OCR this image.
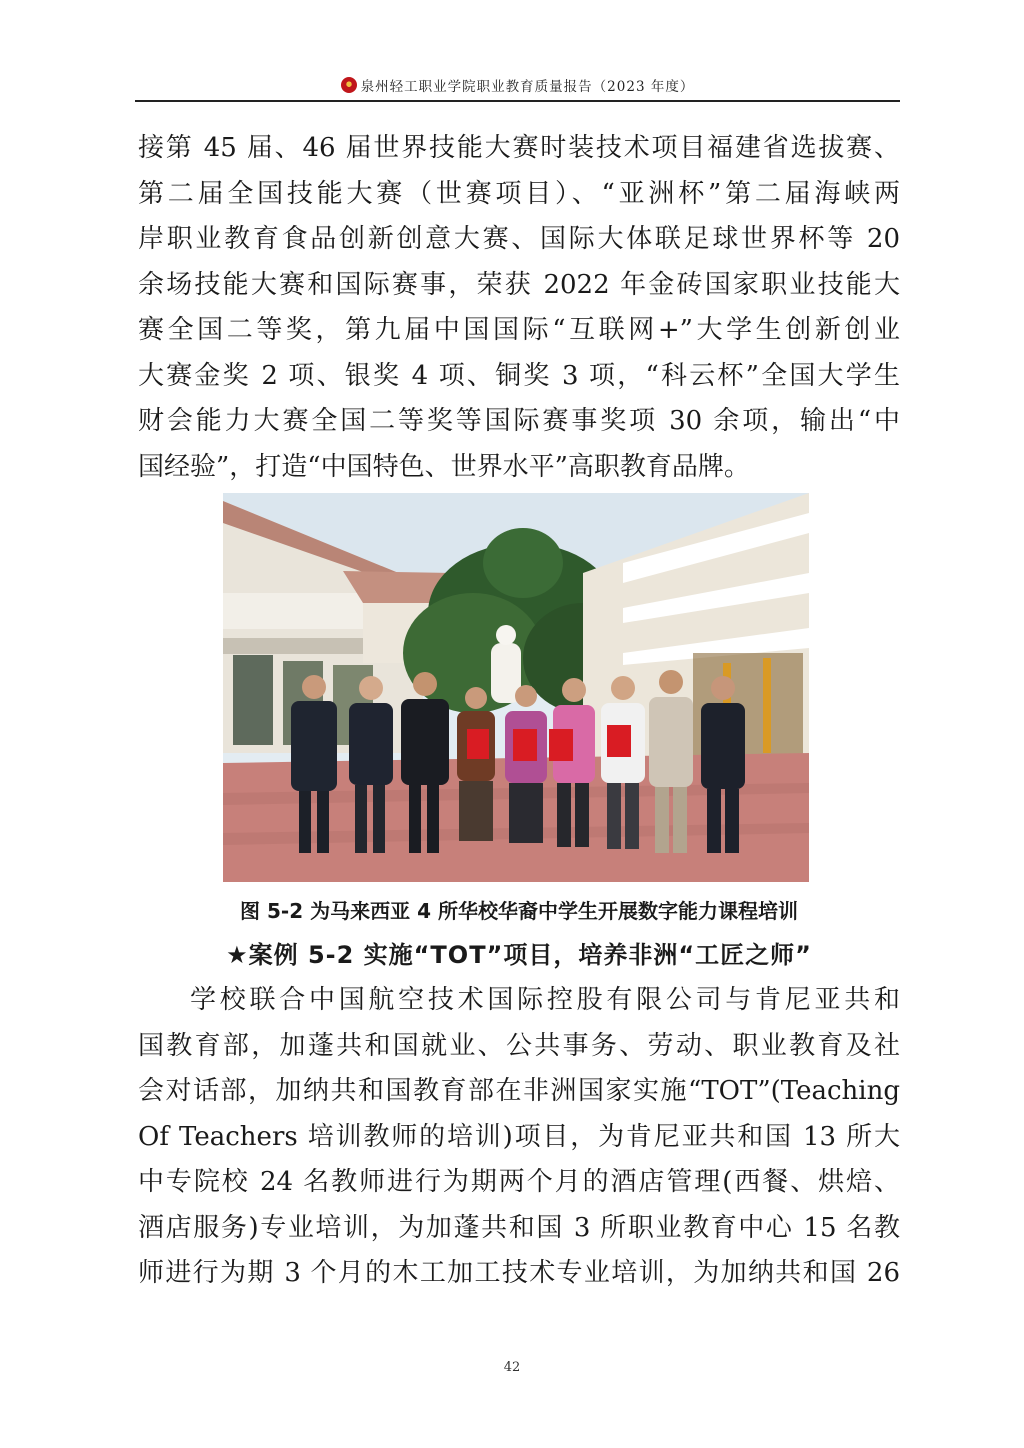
泉州轻工职业学院职业教育质量报告（2023 年度）

接第 45 届、46 届世界技能大赛时装技术项目福建省选拔赛、
第二届全国技能大赛（世赛项目）、“亚洲杯”第二届海峡两
岸职业教育食品创新创意大赛、国际大体联足球世界杯等 20
余场技能大赛和国际赛事，荣获 2022 年金砖国家职业技能大
赛全国二等奖，第九届中国国际“互联网+”大学生创新创业
大赛金奖 2 项、银奖 4 项、铜奖 3 项，“科云杯”全国大学生
财会能力大赛全国二等奖等国际赛事奖项 30 余项，输出“中
国经验”，打造“中国特色、世界水平”高职教育品牌。

图 5-2 为马来西亚 4 所华校华裔中学生开展数字能力课程培训
★案例 5-2 实施“TOT”项目，培养非洲“工匠之师”

学校联合中国航空技术国际控股有限公司与肯尼亚共和
国教育部，加蓬共和国就业、公共事务、劳动、职业教育及社
会对话部，加纳共和国教育部在非洲国家实施“TOT”(Teaching
Of Teachers 培训教师的培训)项目，为肯尼亚共和国 13 所大
中专院校 24 名教师进行为期两个月的酒店管理(西餐、烘焙、
酒店服务)专业培训，为加蓬共和国 3 所职业教育中心 15 名教
师进行为期 3 个月的木工加工技术专业培训，为加纳共和国 26

42
